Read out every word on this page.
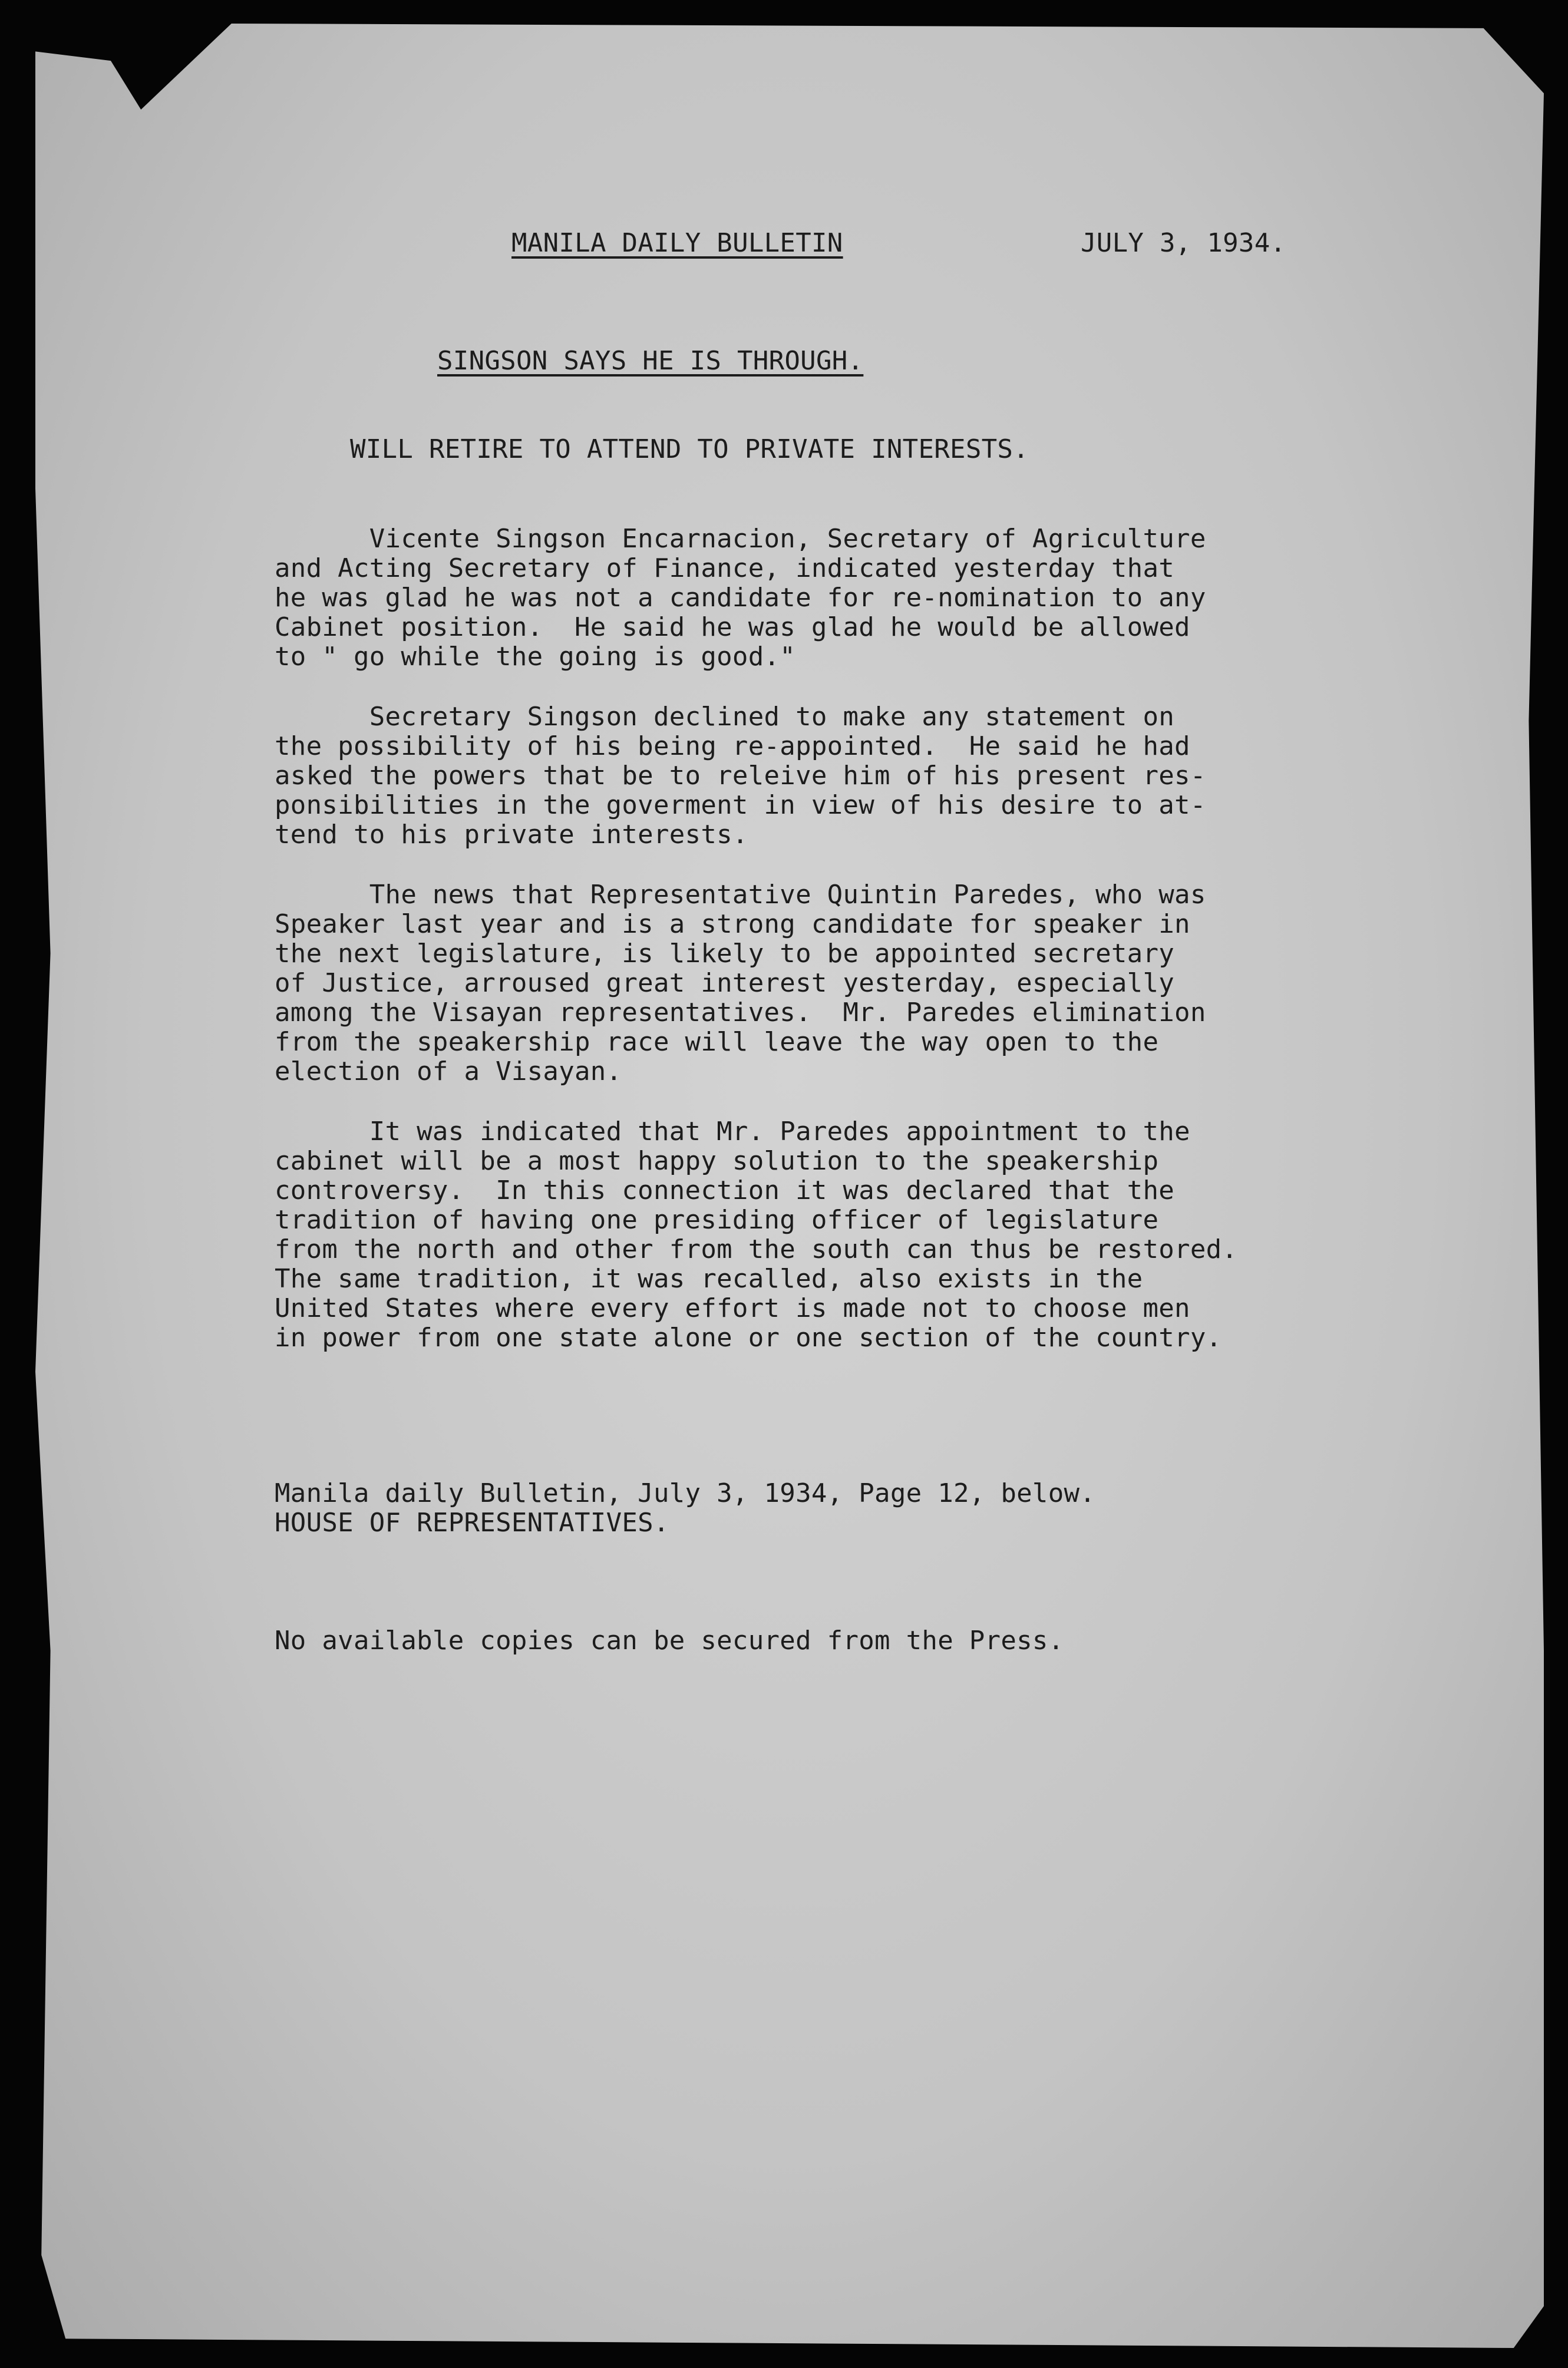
MANILA DAILY BULLETIN	JULY 3, 1934.

SINGSON SAYS HE IS THROUGH.

WILL RETIRE TO ATTEND TO PRIVATE INTERESTS.

Vicente Singson Encarnacion, Secretary of Agriculture

and Acting Secretary of Finance, indicated yesterday that

he was glad he was not a candidate for re-nomination to any

Cabinet position.  He said he was glad he would be allowed

to " go while the going is good."

Secretary Singson declined to make any statement on

the possibility of his being re-appointed.  He said he had

asked the powers that be to releive him of his present res-

ponsibilities in the goverment in view of his desire to at-

tend to his private interests.

The news that Representative Quintin Paredes, who was

Speaker last year and is a strong candidate for speaker in

the next legislature, is likely to be appointed secretary

of Justice, arroused great interest yesterday, especially

among the Visayan representatives.  Mr. Paredes elimination

from the speakership race will leave the way open to the

election of a Visayan.

It was indicated that Mr. Paredes appointment to the

cabinet will be a most happy solution to the speakership

controversy.  In this connection it was declared that the

tradition of having one presiding officer of legislature

from the north and other from the south can thus be restored.

The same tradition, it was recalled, also exists in the

United States where every effort is made not to choose men

in power from one state alone or one section of the country.

Manila daily Bulletin, July 3, 1934, Page 12, below.

HOUSE OF REPRESENTATIVES.

No available copies can be secured from the Press.
